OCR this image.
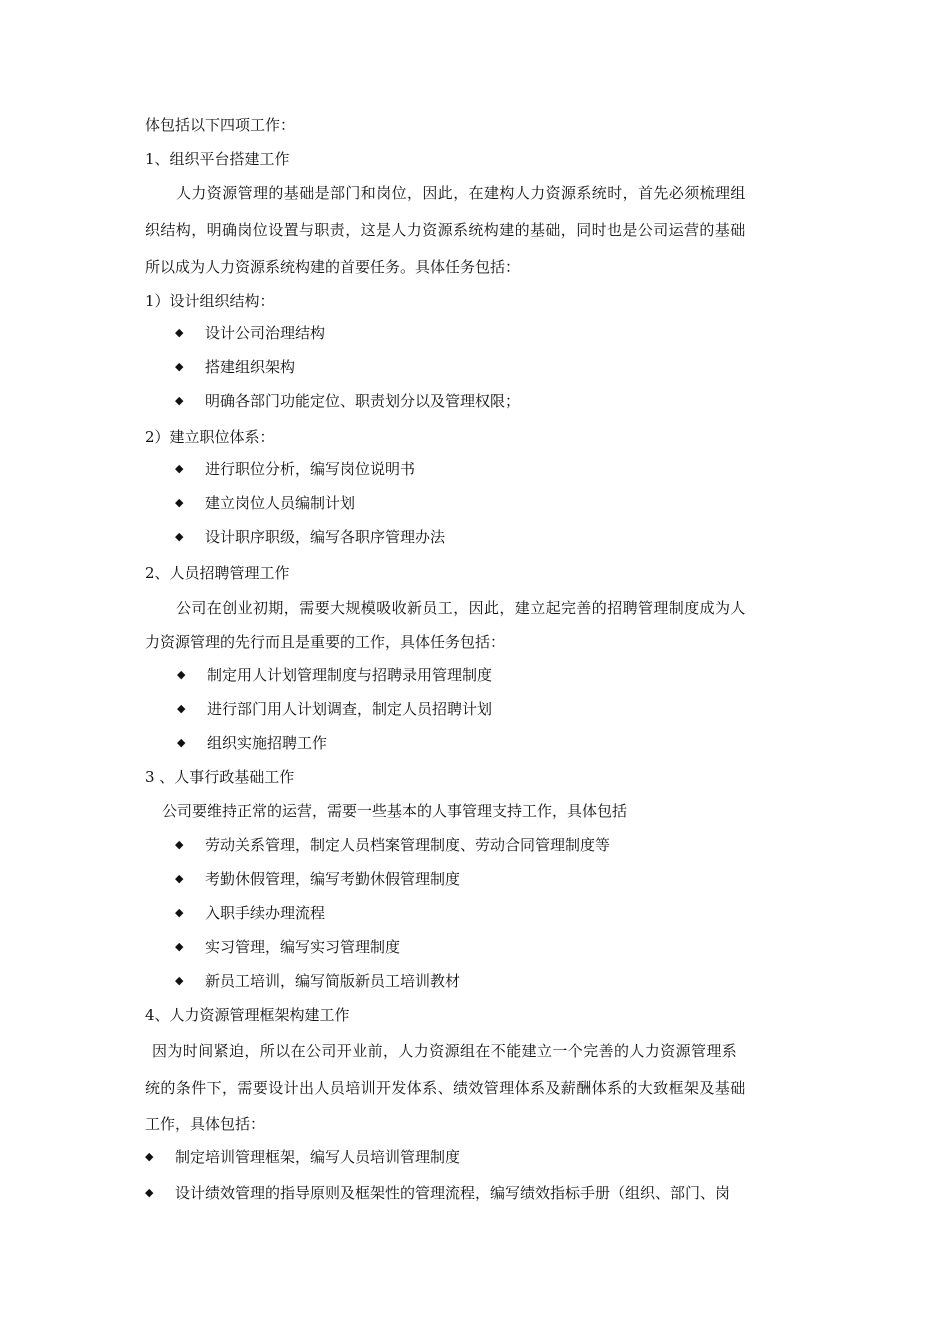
体包括以下四项工作：
1、组织平台搭建工作
人力资源管理的基础是部门和岗位，因此，在建构人力资源系统时，首先必须梳理组
织结构，明确岗位设置与职责，这是人力资源系统构建的基础，同时也是公司运营的基础
所以成为人力资源系统构建的首要任务。具体任务包括：
1）设计组织结构：
◆ 设计公司治理结构
◆ 搭建组织架构
◆ 明确各部门功能定位、职责划分以及管理权限；
2）建立职位体系：
◆ 进行职位分析，编写岗位说明书
◆ 建立岗位人员编制计划
◆ 设计职序职级，编写各职序管理办法
2、人员招聘管理工作
公司在创业初期，需要大规模吸收新员工，因此，建立起完善的招聘管理制度成为人
力资源管理的先行而且是重要的工作，具体任务包括：
◆ 制定用人计划管理制度与招聘录用管理制度
◆ 进行部门用人计划调查，制定人员招聘计划
◆ 组织实施招聘工作
3 、人事行政基础工作
公司要维持正常的运营，需要一些基本的人事管理支持工作，具体包括
◆ 劳动关系管理，制定人员档案管理制度、劳动合同管理制度等
◆ 考勤休假管理，编写考勤休假管理制度
◆ 入职手续办理流程
◆ 实习管理，编写实习管理制度
◆ 新员工培训，编写简版新员工培训教材
4、人力资源管理框架构建工作
因为时间紧迫，所以在公司开业前，人力资源组在不能建立一个完善的人力资源管理系
统的条件下，需要设计出人员培训开发体系、绩效管理体系及薪酬体系的大致框架及基础
工作，具体包括：
◆ 制定培训管理框架，编写人员培训管理制度
◆ 设计绩效管理的指导原则及框架性的管理流程，编写绩效指标手册（组织、部门、岗
